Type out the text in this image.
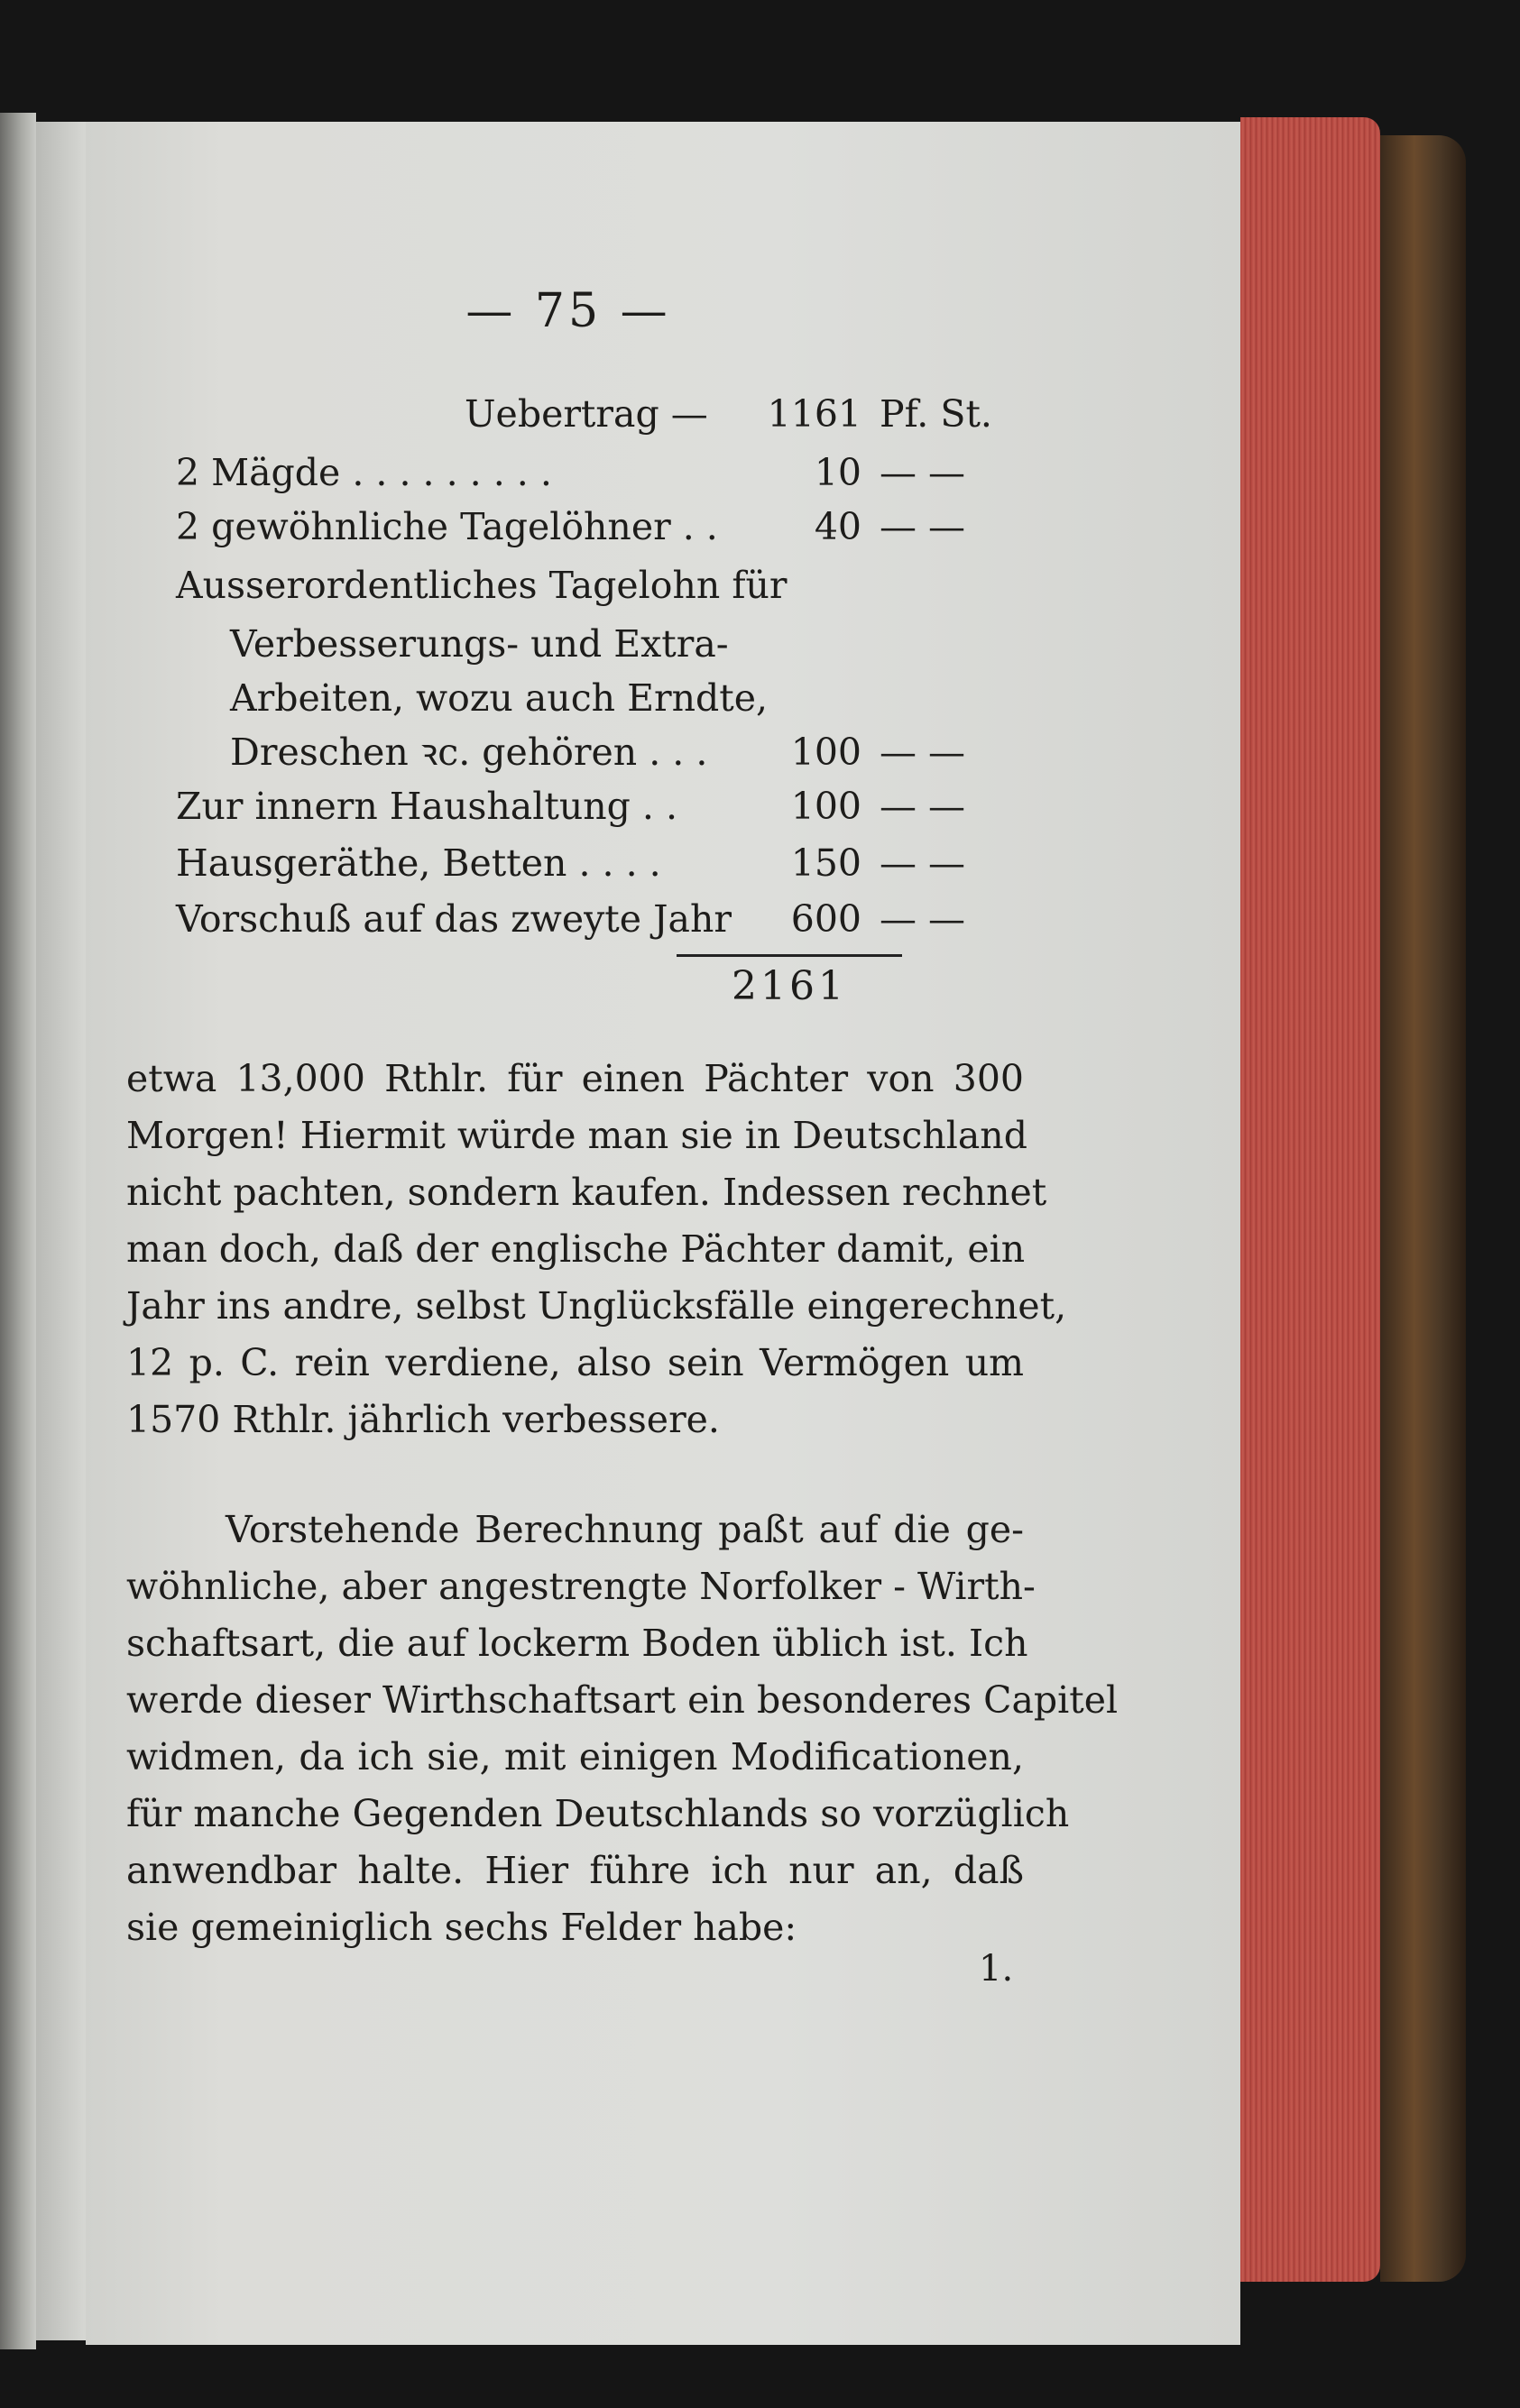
— 75 —
Uebertrag —	1161 Pf. St.
2 Mägde . . . . . . . . .	10 — —
2 gewöhnliche Tagelöhner . .	40 — —
Ausserordentliches Tagelohn für
Verbesserungs- und Extra-
Arbeiten, wozu auch Erndte,
Dreschen ꝛc. gehören . . .	100 — —
Zur innern Haushaltung . .	100 — —
Hausgeräthe, Betten . . . .	150 — —
Vorschuß auf das zweyte Jahr	600 — —
2161

etwa 13,000 Rthlr. für einen Pächter von 300

Morgen! Hiermit würde man sie in Deutschland

nicht pachten, sondern kaufen. Indessen rechnet

man doch, daß der englische Pächter damit, ein

Jahr ins andre, selbst Unglücksfälle eingerechnet,

12 p. C. rein verdiene, also sein Vermögen um

1570 Rthlr. jährlich verbessere.

Vorstehende Berechnung paßt auf die ge-

wöhnliche, aber angestrengte Norfolker - Wirth-

schaftsart, die auf lockerm Boden üblich ist. Ich

werde dieser Wirthschaftsart ein besonderes Capitel

widmen, da ich sie, mit einigen Modificationen,

für manche Gegenden Deutschlands so vorzüglich

anwendbar halte. Hier führe ich nur an, daß

sie gemeiniglich sechs Felder habe:

1.
